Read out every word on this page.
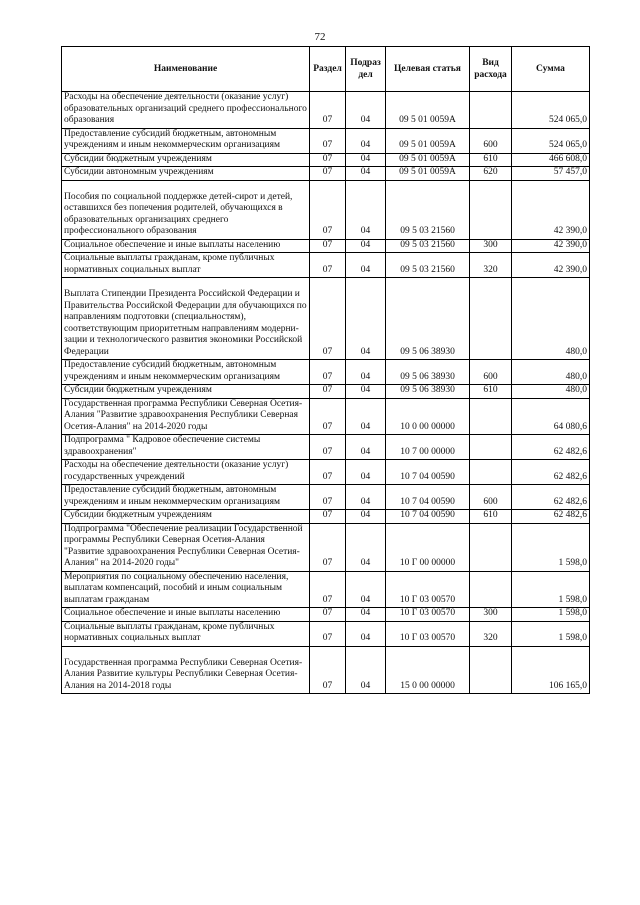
72
Наименование	Раздел	Подраз дел	Целевая статья	Вид расхода	Сумма

Расходы на обеспечение деятельности (оказание услуг) образовательных организаций среднего профессионального образования	07	04	09 5 01 0059А		524 065,0

Предоставление субсидий бюджетным, автономным учреждениям и иным некоммерческим организациям	07	04	09 5 01 0059А	600	524 065,0

Субсидии бюджетным учреждениям	07	04	09 5 01 0059А	610	466 608,0

Субсидии автономным учреждениям	07	04	09 5 01 0059А	620	57 457,0

Пособия по социальной поддержке детей-сирот и детей, оставшихся без попечения родителей, обучающихся в образовательных организациях среднего профессионального образования	07	04	09 5 03 21560		42 390,0

Социальное обеспечение и иные выплаты населению	07	04	09 5 03 21560	300	42 390,0

Социальные выплаты гражданам, кроме публичных нормативных социальных выплат	07	04	09 5 03 21560	320	42 390,0

Выплата Стипендии Президента Российской Федерации и Правительства Российской Федерации для обучающихся по направлениям подготовки (специальностям), соответствующим приоритетным направлениям модерни-зации и технологического развития экономики Российской Федерации	07	04	09 5 06 38930		480,0

Предоставление субсидий бюджетным, автономным учреждениям и иным некоммерческим организациям	07	04	09 5 06 38930	600	480,0

Субсидии бюджетным учреждениям	07	04	09 5 06 38930	610	480,0

Государственная программа Республики Северная Осетия-Алания "Развитие здравоохранения Республики Северная Осетия-Алания" на 2014-2020 годы	07	04	10 0 00 00000		64 080,6

Подпрограмма " Кадровое обеспечение системы здравоохранения"	07	04	10 7 00 00000		62 482,6

Расходы на обеспечение деятельности (оказание услуг) государственных учреждений	07	04	10 7 04 00590		62 482,6

Предоставление субсидий бюджетным, автономным учреждениям и иным некоммерческим организациям	07	04	10 7 04 00590	600	62 482,6

Субсидии бюджетным учреждениям	07	04	10 7 04 00590	610	62 482,6

Подпрограмма "Обеспечение реализации Государственной программы Республики Северная Осетия-Алания "Развитие здравоохранения Республики Северная Осетия-Алания" на 2014-2020 годы"	07	04	10 Г 00 00000		1 598,0

Мероприятия по социальному обеспечению населения, выплатам компенсаций, пособий и иным социальным выплатам гражданам	07	04	10 Г 03 00570		1 598,0

Социальное обеспечение и иные выплаты населению	07	04	10 Г 03 00570	300	1 598,0

Социальные выплаты гражданам, кроме публичных нормативных социальных выплат	07	04	10 Г 03 00570	320	1 598,0

Государственная программа Республики Северная Осетия-Алания Развитие культуры Республики Северная Осетия-Алания на 2014-2018 годы	07	04	15 0 00 00000		106 165,0
